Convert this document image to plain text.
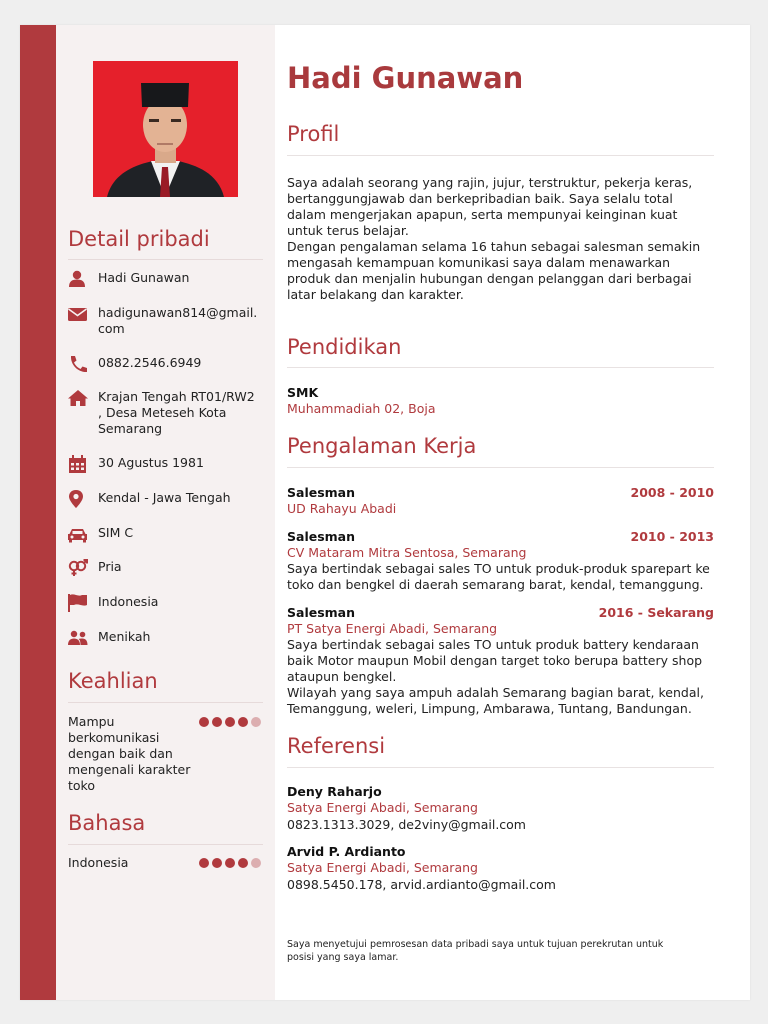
Detail pribadi
Hadi Gunawan
hadigunawan814@gmail.
com
0882.2546.6949
Krajan Tengah RT01/RW2
, Desa Meteseh Kota
Semarang
30 Agustus 1981
Kendal - Jawa Tengah
SIM C
Pria
Indonesia
Menikah
Keahlian
Mampu
berkomunikasi
dengan baik dan
mengenali karakter
toko
Bahasa
Indonesia
Hadi Gunawan
Profil
Saya adalah seorang yang rajin, jujur, terstruktur, pekerja keras,
bertanggungjawab dan berkepribadian baik. Saya selalu total
dalam mengerjakan apapun, serta mempunyai keinginan kuat
untuk terus belajar.
Dengan pengalaman selama 16 tahun sebagai salesman semakin
mengasah kemampuan komunikasi saya dalam menawarkan
produk dan menjalin hubungan dengan pelanggan dari berbagai
latar belakang dan karakter.
Pendidikan
SMK
Muhammadiah 02, Boja
Pengalaman Kerja
Salesman	2008 - 2010
UD Rahayu Abadi
Salesman	2010 - 2013
CV Mataram Mitra Sentosa, Semarang
Saya bertindak sebagai sales TO untuk produk-produk sparepart ke
toko dan bengkel di daerah semarang barat, kendal, temanggung.
Salesman	2016 - Sekarang
PT Satya Energi Abadi, Semarang
Saya bertindak sebagai sales TO untuk produk battery kendaraan
baik Motor maupun Mobil dengan target toko berupa battery shop
ataupun bengkel.
Wilayah yang saya ampuh adalah Semarang bagian barat, kendal,
Temanggung, weleri, Limpung, Ambarawa, Tuntang, Bandungan.
Referensi
Deny Raharjo
Satya Energi Abadi, Semarang
0823.1313.3029, de2viny@gmail.com
Arvid P. Ardianto
Satya Energi Abadi, Semarang
0898.5450.178, arvid.ardianto@gmail.com
Saya menyetujui pemrosesan data pribadi saya untuk tujuan perekrutan untuk
posisi yang saya lamar.
